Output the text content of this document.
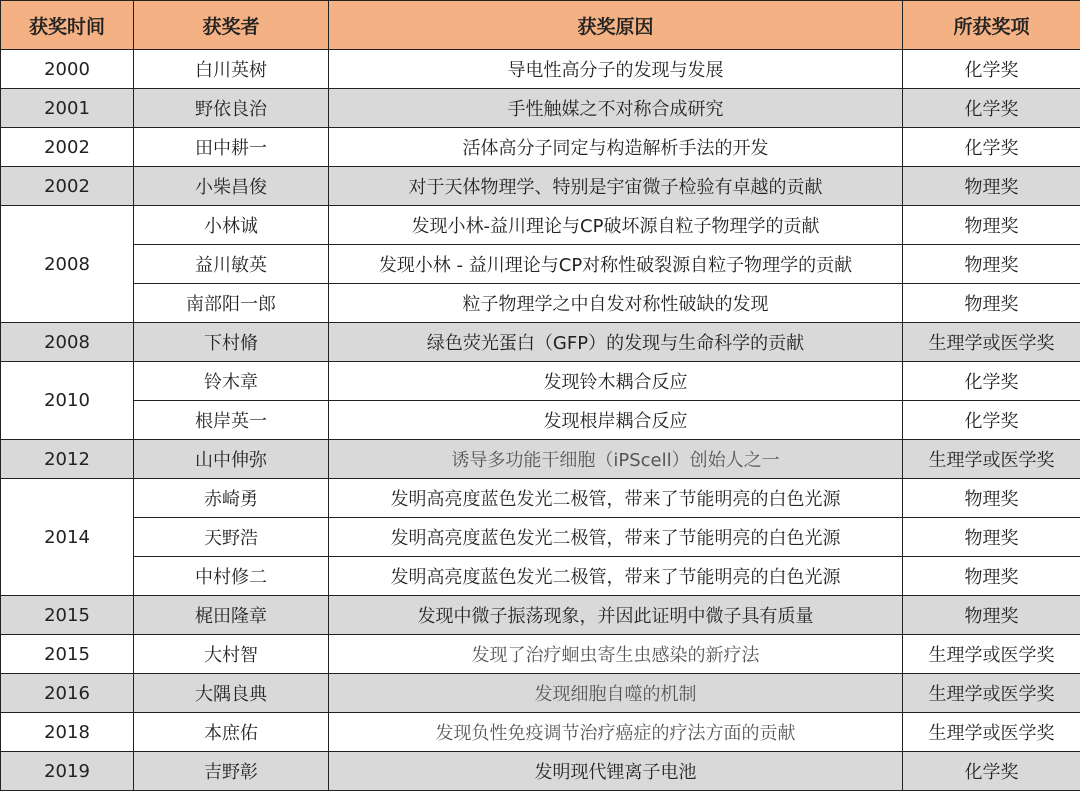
获奖时间	获奖者	获奖原因	所获奖项
2000	白川英树	导电性高分子的发现与发展	化学奖
2001	野依良治	手性触媒之不对称合成研究	化学奖
2002	田中耕一	活体高分子同定与构造解析手法的开发	化学奖
2002	小柴昌俊	对于天体物理学、特别是宇宙微子检验有卓越的贡献	物理奖
2008	小林诚	发现小林-益川理论与CP破坏源自粒子物理学的贡献	物理奖
	益川敏英	发现小林 - 益川理论与CP对称性破裂源自粒子物理学的贡献	物理奖
	南部阳一郎	粒子物理学之中自发对称性破缺的发现	物理奖
2008	下村脩	绿色荧光蛋白（GFP）的发现与生命科学的贡献	生理学或医学奖
2010	铃木章	发现铃木耦合反应	化学奖
	根岸英一	发现根岸耦合反应	化学奖
2012	山中伸弥	诱导多功能干细胞（iPScell）创始人之一	生理学或医学奖
2014	赤崎勇	发明高亮度蓝色发光二极管，带来了节能明亮的白色光源	物理奖
	天野浩	发明高亮度蓝色发光二极管，带来了节能明亮的白色光源	物理奖
	中村修二	发明高亮度蓝色发光二极管，带来了节能明亮的白色光源	物理奖
2015	梶田隆章	发现中微子振荡现象，并因此证明中微子具有质量	物理奖
2015	大村智	发现了治疗蛔虫寄生虫感染的新疗法	生理学或医学奖
2016	大隅良典	发现细胞自噬的机制	生理学或医学奖
2018	本庶佑	发现负性免疫调节治疗癌症的疗法方面的贡献	生理学或医学奖
2019	吉野彰	发明现代锂离子电池	化学奖
